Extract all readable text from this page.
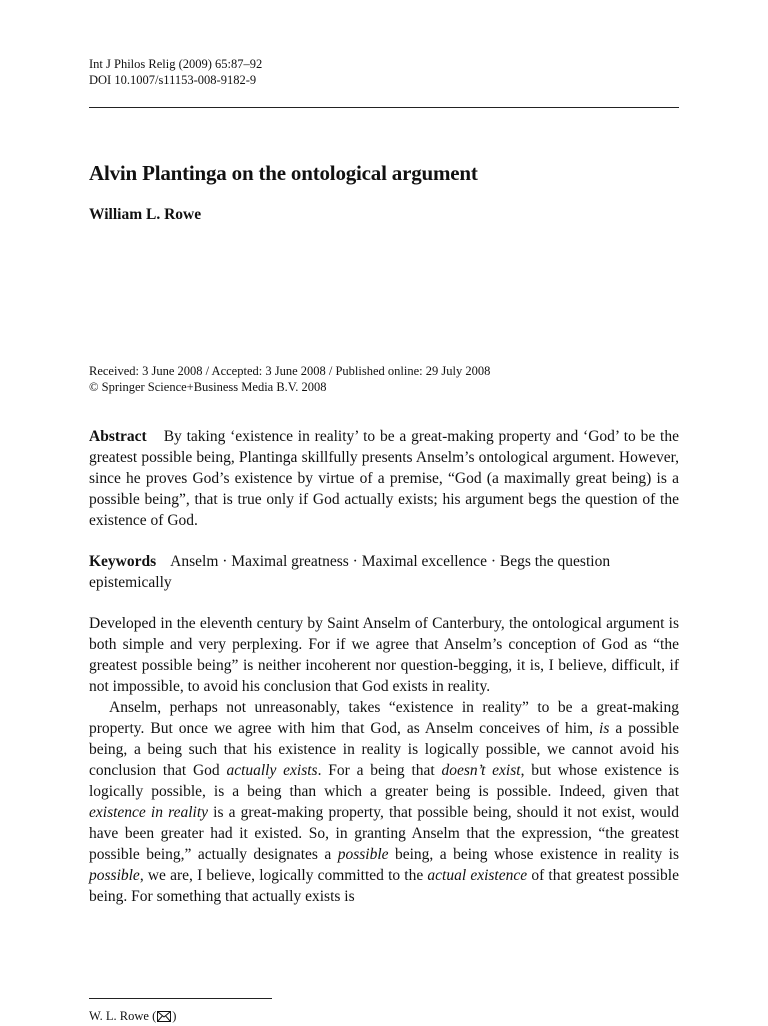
Int J Philos Relig (2009) 65:87–92
DOI 10.1007/s11153-008-9182-9
Alvin Plantinga on the ontological argument
William L. Rowe
Received: 3 June 2008 / Accepted: 3 June 2008 / Published online: 29 July 2008
© Springer Science+Business Media B.V. 2008
Abstract By taking ‘existence in reality’ to be a great-making property and ‘God’ to be the greatest possible being, Plantinga skillfully presents Anselm’s ontological argument. However, since he proves God’s existence by virtue of a premise, “God (a maximally great being) is a possible being”, that is true only if God actually exists; his argument begs the question of the existence of God.
Keywords Anselm · Maximal greatness · Maximal excellence · Begs the question epistemically

Developed in the eleventh century by Saint Anselm of Canterbury, the ontological argument is both simple and very perplexing. For if we agree that Anselm’s conception of God as “the greatest possible being” is neither incoherent nor question-begging, it is, I believe, difficult, if not impossible, to avoid his conclusion that God exists in reality.

Anselm, perhaps not unreasonably, takes “existence in reality” to be a great-making property. But once we agree with him that God, as Anselm conceives of him, is a possible being, a being such that his existence in reality is logically possible, we cannot avoid his conclusion that God actually exists. For a being that doesn’t exist, but whose existence is logically possible, is a being than which a greater being is possible. Indeed, given that existence in reality is a great-making property, that possible being, should it not exist, would have been greater had it existed. So, in granting Anselm that the expression, “the greatest possible being,” actually designates a possible being, a being whose existence in reality is possible, we are, I believe, logically committed to the actual existence of that greatest possible being. For something that actually exists is

W. L. Rowe ( )
